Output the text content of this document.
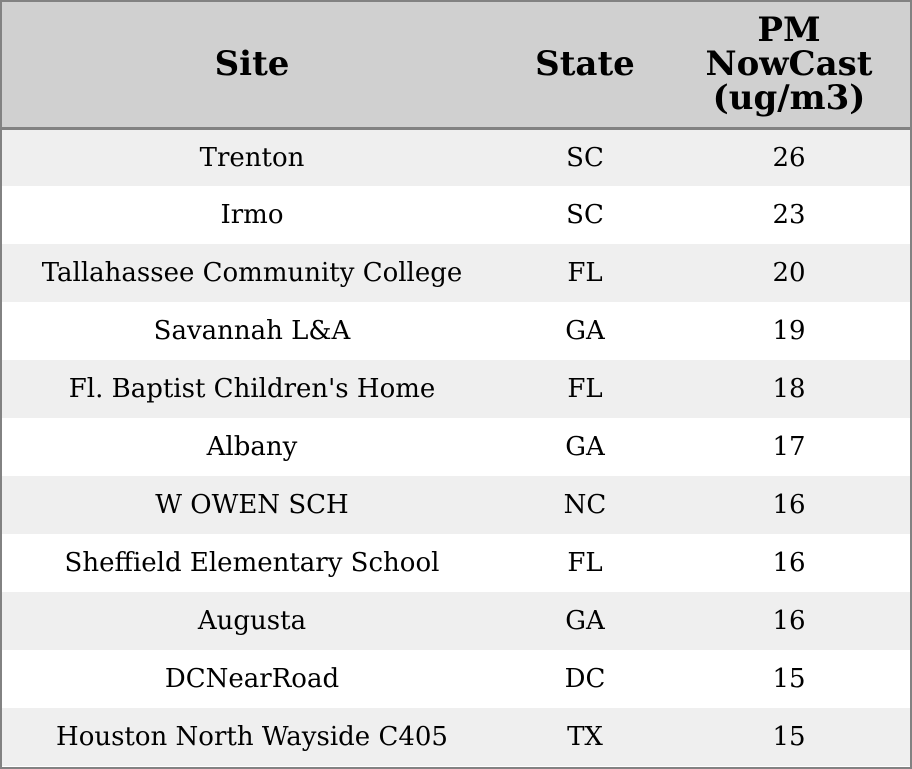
Site	State	PM
NowCast
(ug/m3)

Trenton	SC	26
Irmo	SC	23
Tallahassee Community College	FL	20
Savannah L&A	GA	19
Fl. Baptist Children's Home	FL	18
Albany	GA	17
W OWEN SCH	NC	16
Sheffield Elementary School	FL	16
Augusta	GA	16
DCNearRoad	DC	15
Houston North Wayside C405	TX	15
